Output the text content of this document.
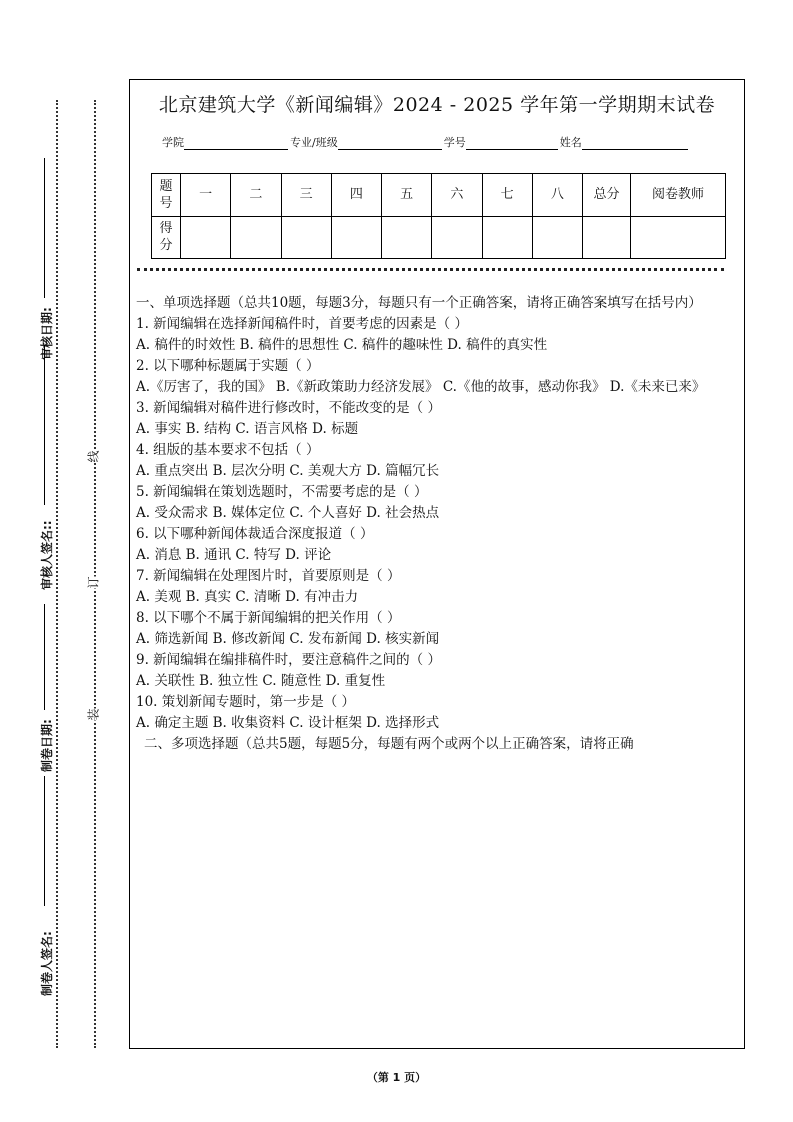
审核日期:
审核人签名::
制卷日期:
制卷人签名:
线
订
装
北京建筑大学《新闻编辑》2024 - 2025 学年第一学期期末试卷
学院	专业/班级	学号	姓名
题号	一	二	三	四	五	六	七	八	总分	阅卷教师
得分										

一、单项选择题（总共10题，每题3分，每题只有一个正确答案，请将正确答案填写在括号内）

1. 新闻编辑在选择新闻稿件时，首要考虑的因素是（ ）

A. 稿件的时效性 B. 稿件的思想性 C. 稿件的趣味性 D. 稿件的真实性

2. 以下哪种标题属于实题（ ）

A.《厉害了，我的国》 B.《新政策助力经济发展》 C.《他的故事，感动你我》 D.《未来已来》

3. 新闻编辑对稿件进行修改时，不能改变的是（ ）

A. 事实 B. 结构 C. 语言风格 D. 标题

4. 组版的基本要求不包括（ ）

A. 重点突出 B. 层次分明 C. 美观大方 D. 篇幅冗长

5. 新闻编辑在策划选题时，不需要考虑的是（ ）

A. 受众需求 B. 媒体定位 C. 个人喜好 D. 社会热点

6. 以下哪种新闻体裁适合深度报道（ ）

A. 消息 B. 通讯 C. 特写 D. 评论

7. 新闻编辑在处理图片时，首要原则是（ ）

A. 美观 B. 真实 C. 清晰 D. 有冲击力

8. 以下哪个不属于新闻编辑的把关作用（ ）

A. 筛选新闻 B. 修改新闻 C. 发布新闻 D. 核实新闻

9. 新闻编辑在编排稿件时，要注意稿件之间的（ ）

A. 关联性 B. 独立性 C. 随意性 D. 重复性

10. 策划新闻专题时，第一步是（ ）

A. 确定主题 B. 收集资料 C. 设计框架 D. 选择形式

二、多项选择题（总共5题，每题5分，每题有两个或两个以上正确答案，请将正确

（第 1 页）
